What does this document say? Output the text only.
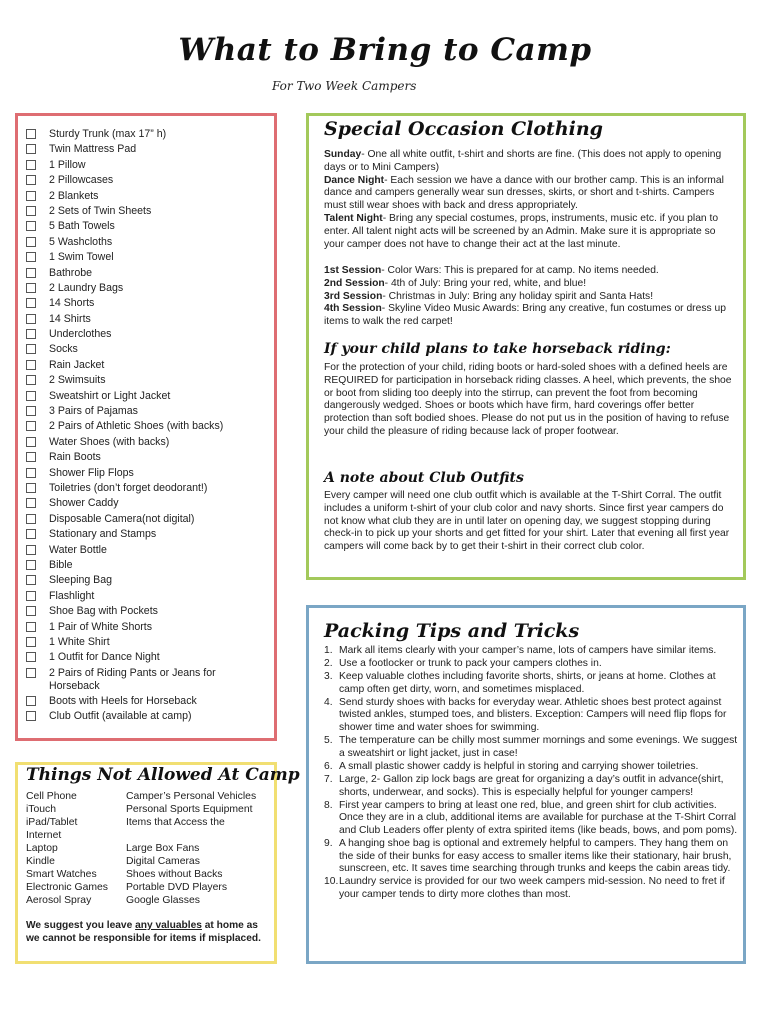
What to Bring to Camp
For Two Week Campers
Sturdy Trunk (max 17” h)
Twin Mattress Pad
1 Pillow
2 Pillowcases
2 Blankets
2 Sets of Twin Sheets
5 Bath Towels
5 Washcloths
1 Swim Towel
Bathrobe
2 Laundry Bags
14 Shorts
14 Shirts
Underclothes
Socks
Rain Jacket
2 Swimsuits
Sweatshirt or Light Jacket
3 Pairs of Pajamas
2 Pairs of Athletic Shoes (with backs)
Water Shoes (with backs)
Rain Boots
Shower Flip Flops
Toiletries (don’t forget deodorant!)
Shower Caddy
Disposable Camera(not digital)
Stationary and Stamps
Water Bottle
Bible
Sleeping Bag
Flashlight
Shoe Bag with Pockets
1 Pair of White Shorts
1 White Shirt
1 Outfit for Dance Night
2 Pairs of Riding Pants or Jeans for Horseback
Boots with Heels for Horseback
Club Outfit (available at camp)
Special Occasion Clothing

Sunday- One all white outfit, t-shirt and shorts are fine. (This does not apply to opening days or to Mini Campers)
Dance Night- Each session we have a dance with our brother camp. This is an informal dance and campers generally wear sun dresses, skirts, or short and t-shirts. Campers must still wear shoes with back and dress appropriately.
Talent Night- Bring any special costumes, props, instruments, music etc. if you plan to enter. All talent night acts will be screened by an Admin. Make sure it is appropriate so your camper does not have to change their act at the last minute.

1st Session- Color Wars: This is prepared for at camp. No items needed.
2nd Session- 4th of July: Bring your red, white, and blue!
3rd Session- Christmas in July: Bring any holiday spirit and Santa Hats!
4th Session- Skyline Video Music Awards: Bring any creative, fun costumes or dress up items to walk the red carpet!

If your child plans to take horseback riding:

For the protection of your child, riding boots or hard-soled shoes with a defined heels are REQUIRED for participation in horseback riding classes. A heel, which prevents, the shoe or boot from sliding too deeply into the stirrup, can prevent the foot from becoming dangerously wedged. Shoes or boots which have firm, hard coverings offer better protection than soft bodied shoes. Please do not put us in the position of having to refuse your child the pleasure of riding because lack of proper footwear.

A note about Club Outfits

Every camper will need one club outfit which is available at the T-Shirt Corral. The outfit includes a uniform t-shirt of your club color and navy shorts. Since first year campers do not know what club they are in until later on opening day, we suggest stopping during check-in to pick up your shorts and get fitted for your shirt. Later that evening all first year campers will come back by to get their t-shirt in their correct club color.

Things Not Allowed At Camp
Cell Phone
iTouch
iPad/Tablet
Internet
Laptop
Kindle
Smart Watches
Electronic Games
Aerosol Spray
Camper’s Personal Vehicles
Personal Sports Equipment
Items that Access the
Large Box Fans
Digital Cameras
Shoes without Backs
Portable DVD Players
Google Glasses
We suggest you leave any valuables at home as we cannot be responsible for items if misplaced.
Packing Tips and Tricks
1. Mark all items clearly with your camper’s name, lots of campers have similar items.
2. Use a footlocker or trunk to pack your campers clothes in.
3. Keep valuable clothes including favorite shorts, shirts, or jeans at home. Clothes at camp often get dirty, worn, and sometimes misplaced.
4. Send sturdy shoes with backs for everyday wear. Athletic shoes best protect against twisted ankles, stumped toes, and blisters. Exception: Campers will need flip flops for shower time and water shoes for swimming.
5. The temperature can be chilly most summer mornings and some evenings. We suggest a sweatshirt or light jacket, just in case!
6. A small plastic shower caddy is helpful in storing and carrying shower toiletries.
7. Large, 2- Gallon zip lock bags are great for organizing a day’s outfit in advance(shirt, shorts, underwear, and socks). This is especially helpful for younger campers!
8. First year campers to bring at least one red, blue, and green shirt for club activities. Once they are in a club, additional items are available for purchase at the T-Shirt Corral and Club Leaders offer plenty of extra spirited items (like beads, bows, and pom poms).
9. A hanging shoe bag is optional and extremely helpful to campers. They hang them on the side of their bunks for easy access to smaller items like their stationary, hair brush, sunscreen, etc. It saves time searching through trunks and keeps the cabin areas tidy.
10. Laundry service is provided for our two week campers mid-session. No need to fret if your camper tends to dirty more clothes than most.
